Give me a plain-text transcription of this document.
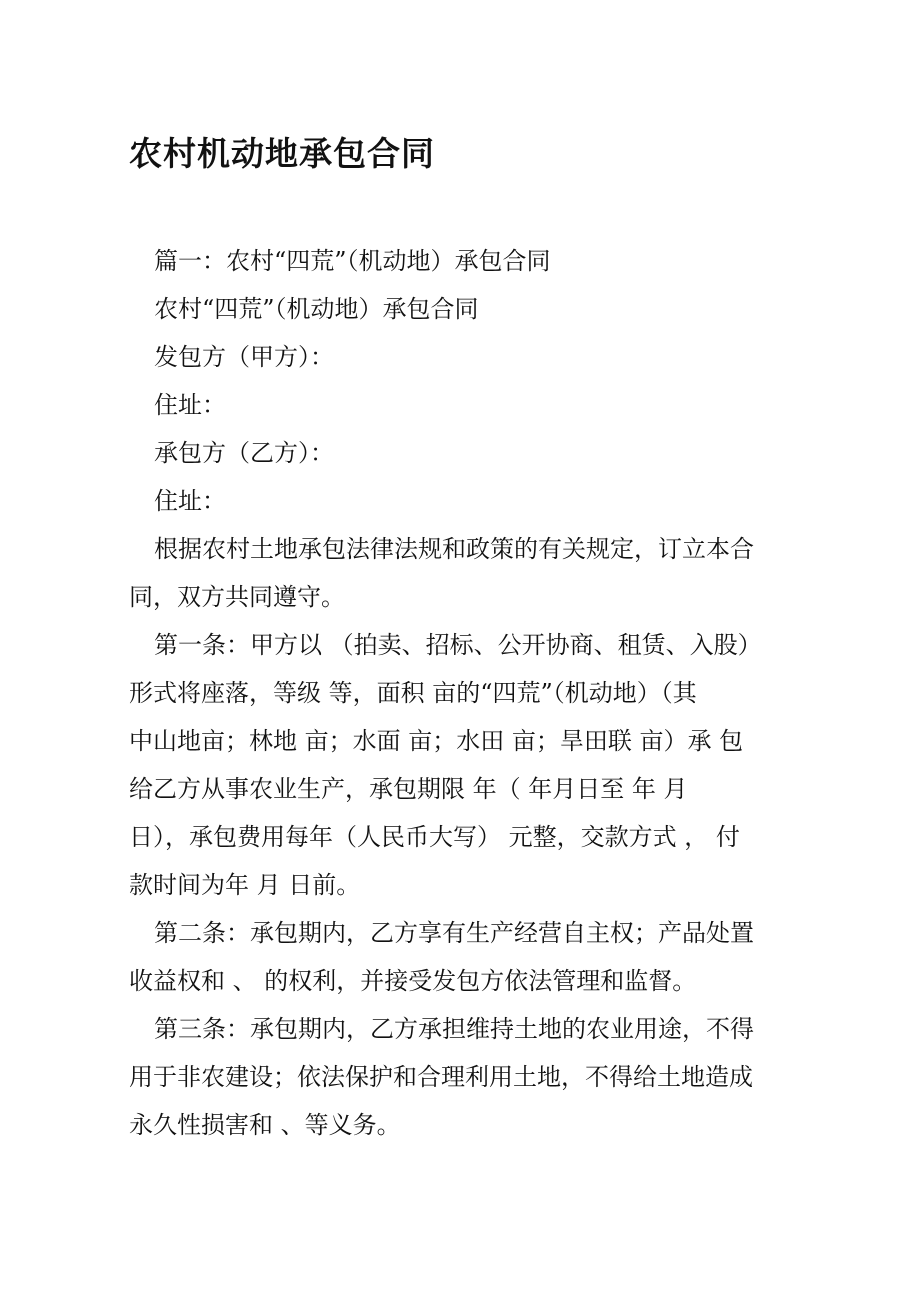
农村机动地承包合同

篇一：农村“四荒”（机动地）承包合同

农村“四荒”（机动地）承包合同

发包方（甲方）：

住址：

承包方（乙方）：

住址：

根据农村土地承包法律法规和政策的有关规定，订立本合

同，双方共同遵守。

第一条：甲方以 （拍卖、招标、公开协商、租赁、入股）

形式将座落，等级 等，面积 亩的“四荒”（机动地）（其

中山地亩；林地 亩；水面 亩；水田 亩；旱田联 亩）承 包

给乙方从事农业生产，承包期限 年（ 年月日至 年 月

日），承包费用每年（人民币大写） 元整，交款方式 ， 付

款时间为年 月 日前。

第二条：承包期内，乙方享有生产经营自主权；产品处置

收益权和 、 的权利，并接受发包方依法管理和监督。

第三条：承包期内，乙方承担维持土地的农业用途，不得

用于非农建设；依法保护和合理利用土地，不得给土地造成

永久性损害和 、等义务。
